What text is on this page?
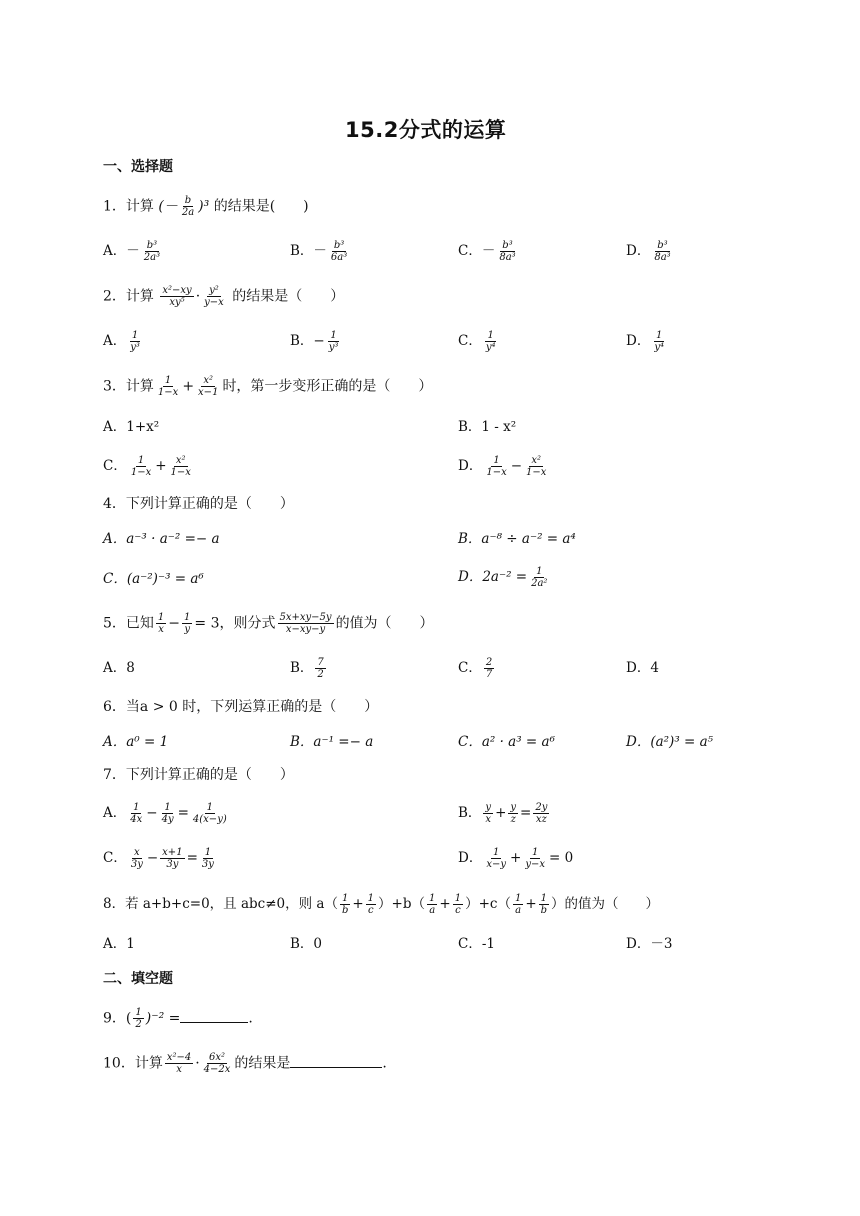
15.2分式的运算
一、选择题
1．计算 (－ $\frac{b}{2a} )^3$ 的结果是(　　)
A．－ $\frac{\text{b³}}{\text{2a³}}$	B．－ $\frac{\text{b³}}{\text{6a³}}$	C．－ $\frac{\text{b³}}{\text{8a³}}$	D． $\frac{\text{b³}}{\text{8a³}}$
2．计算 $\frac{\text{x²−xy}}{\text{xy⁵}} \cdot \frac{\text{y²}}{y-x}$ 的结果是（　　）
A． $\frac{1}{\text{y³}}$	B．− $\frac{1}{\text{y³}}$	C． $\frac{1}{\text{y⁴}}$	D． $\frac{1}{\text{y⁴}}$
3．计算 $\frac{1}{1-x} + \frac{\text{x²}}{x-1}$ 时，第一步变形正确的是（　　）
A．1+x²	B．1 - x²
C． $\frac{1}{1-x} + \frac{\text{x²}}{1-x}$	D． $\frac{1}{1-x} - \frac{\text{x²}}{1-x}$
4．下列计算正确的是（　　）
A．a⁻³ · a⁻² =− a	B．a⁻⁸ ÷ a⁻² = a⁴
C．(a⁻²)⁻³ = a⁶	D．$2a^{-2} = \frac{1}{\text{2a²}}$
5．已知 $\frac{1}{x} - \frac{1}{y} = 3$，则分式 $\frac{5x+xy-5y}{x-xy-y}$ 的值为（　　）
A．8	B． $\frac{7}{2}$	C． $\frac{2}{7}$	D．4
6．当a > 0 时，下列运算正确的是（　　）
A．a⁰ = 1	B．a⁻¹ =− a	C．a² · a³ = a⁶	D．(a²)³ = a⁵
7．下列计算正确的是（　　）
A． $\frac{1}{4x} - \frac{1}{4y} = \frac{1}{4(x-y)}$	B． $\frac{y}{x} + \frac{y}{z} = \frac{2y}{xz}$
C． $\frac{x}{3y} - \frac{x+1}{3y} = \frac{1}{3y}$	D． $\frac{1}{x-y} + \frac{1}{y-x} = 0$
8．若 a+b+c=0，且 abc≠0，则 $a( \frac{1}{b} + \frac{1}{c} )+b( \frac{1}{a} + \frac{1}{c} )+c( \frac{1}{a} + \frac{1}{b}$ ）的值为（　　）
A．1	B．0	C．-1	D．－3
二、填空题
9．( $\frac{1}{2} )^{-2}$ =	.
10．计算 $\frac{\text{x²−4}}{x} \cdot \frac{\text{6x²}}{4-2x}$ 的结果是	.
